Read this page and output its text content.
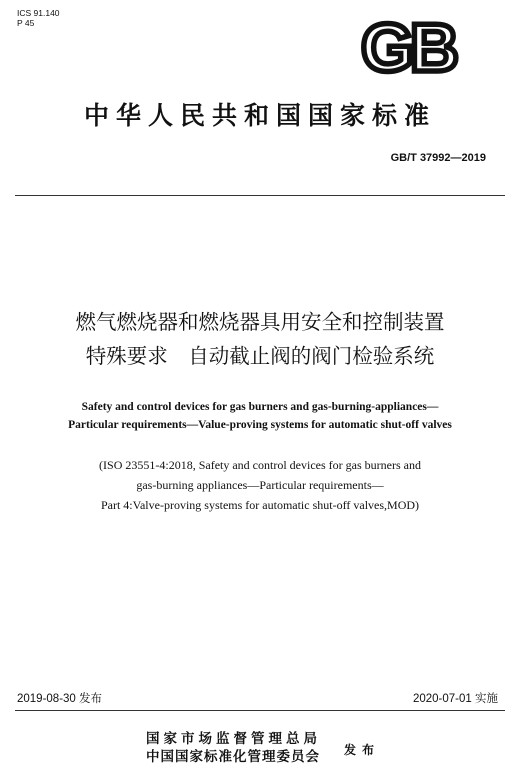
ICS 91.140
P 45	GB
中华人民共和国国家标准
GB/T 37992—2019
燃气燃烧器和燃烧器具用安全和控制装置
特殊要求　自动截止阀的阀门检验系统
Safety and control devices for gas burners and gas-burning-appliances—
Particular requirements—Value-proving systems for automatic shut-off valves
(ISO 23551-4:2018, Safety and control devices for gas burners and
gas-burning appliances—Particular requirements—
Part 4:Valve-proving systems for automatic shut-off valves,MOD)
2019-08-30 发布	2020-07-01 实施
国家市场监督管理总局
中国国家标准化管理委员会 发布
